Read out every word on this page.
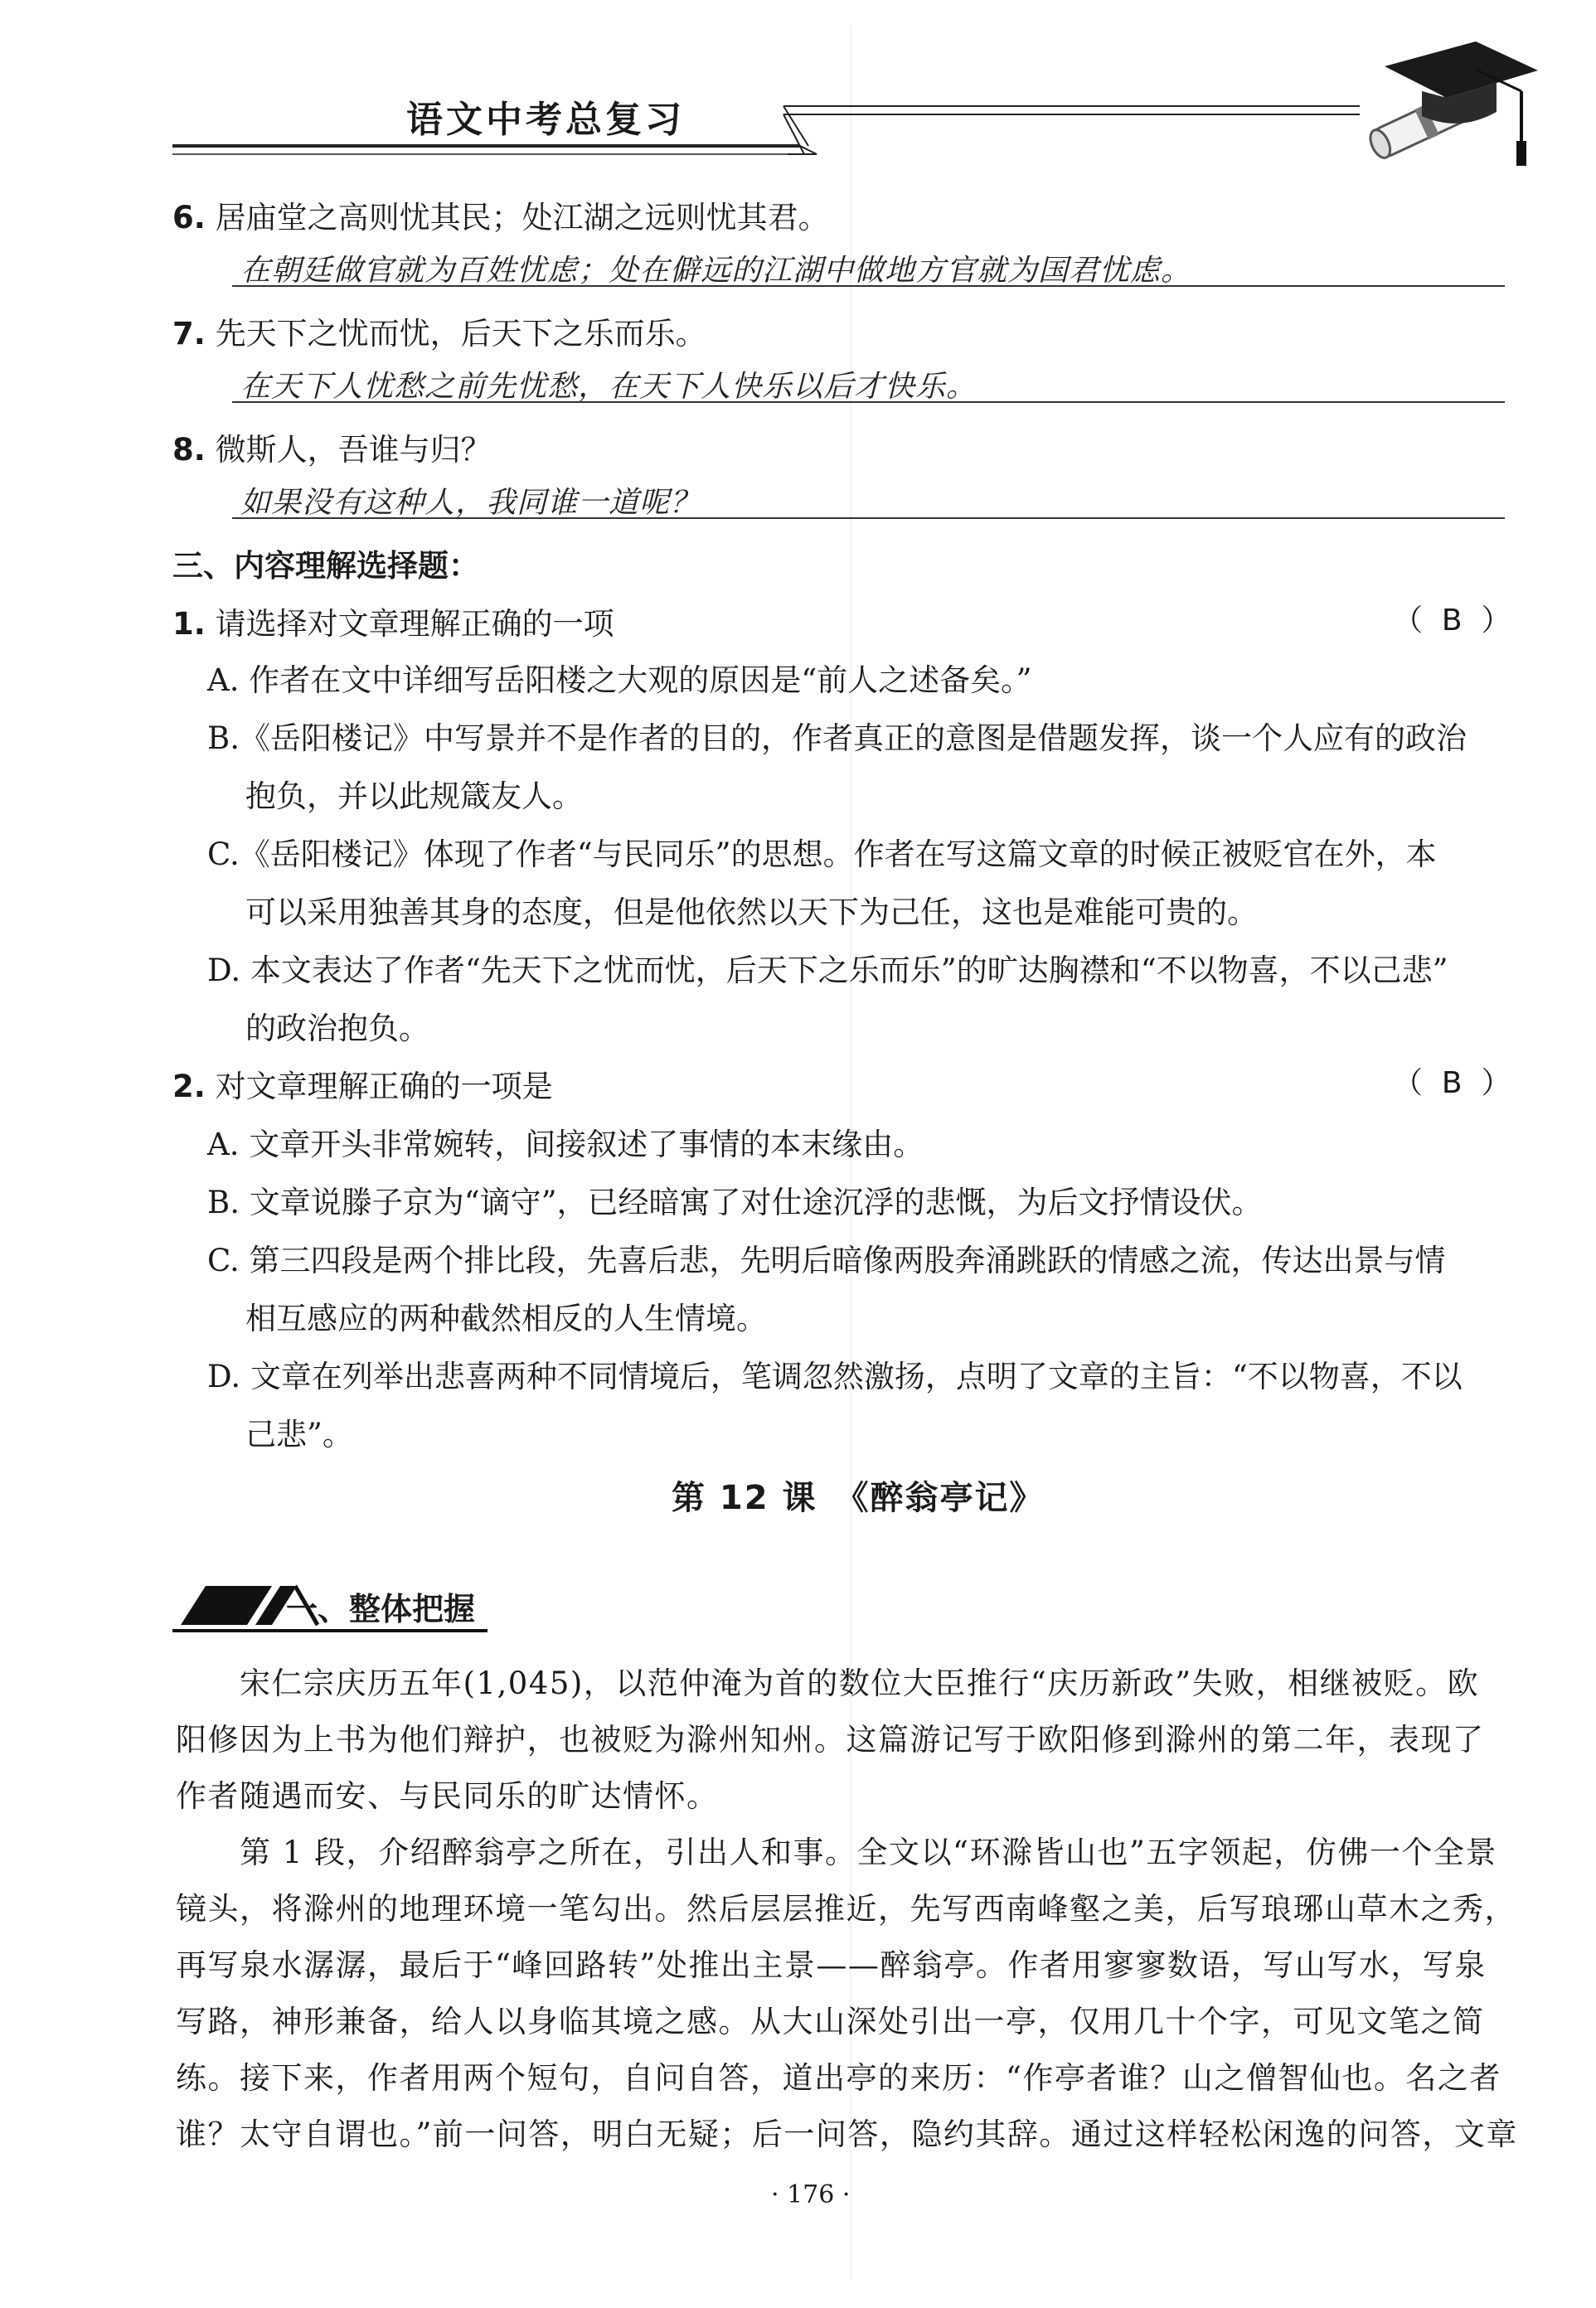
语文中考总复习
6. 居庙堂之高则忧其民；处江湖之远则忧其君。
在朝廷做官就为百姓忧虑；处在僻远的江湖中做地方官就为国君忧虑。
7. 先天下之忧而忧，后天下之乐而乐。
在天下人忧愁之前先忧愁，在天下人快乐以后才快乐。
8. 微斯人，吾谁与归？
如果没有这种人，我同谁一道呢？
三、内容理解选择题：
1. 请选择对文章理解正确的一项	（  B  ）
A. 作者在文中详细写岳阳楼之大观的原因是“前人之述备矣。”
B.《岳阳楼记》中写景并不是作者的目的，作者真正的意图是借题发挥，谈一个人应有的政治
抱负，并以此规箴友人。
C.《岳阳楼记》体现了作者“与民同乐”的思想。作者在写这篇文章的时候正被贬官在外，本
可以采用独善其身的态度，但是他依然以天下为己任，这也是难能可贵的。
D. 本文表达了作者“先天下之忧而忧，后天下之乐而乐”的旷达胸襟和“不以物喜，不以己悲”
的政治抱负。
2. 对文章理解正确的一项是	（  B  ）
A. 文章开头非常婉转，间接叙述了事情的本末缘由。
B. 文章说滕子京为“谪守”，已经暗寓了对仕途沉浮的悲慨，为后文抒情设伏。
C. 第三四段是两个排比段，先喜后悲，先明后暗像两股奔涌跳跃的情感之流，传达出景与情
相互感应的两种截然相反的人生情境。
D. 文章在列举出悲喜两种不同情境后，笔调忽然激扬，点明了文章的主旨：“不以物喜，不以
己悲”。
第 12 课　《醉翁亭记》
一、整体把握
　　宋仁宗庆历五年(1,045)，以范仲淹为首的数位大臣推行“庆历新政”失败，相继被贬。欧
阳修因为上书为他们辩护，也被贬为滁州知州。这篇游记写于欧阳修到滁州的第二年，表现了
作者随遇而安、与民同乐的旷达情怀。
　　第 1 段，介绍醉翁亭之所在，引出人和事。全文以“环滁皆山也”五字领起，仿佛一个全景
镜头，将滁州的地理环境一笔勾出。然后层层推近，先写西南峰壑之美，后写琅琊山草木之秀，
再写泉水潺潺，最后于“峰回路转”处推出主景——醉翁亭。作者用寥寥数语，写山写水，写泉
写路，神形兼备，给人以身临其境之感。从大山深处引出一亭，仅用几十个字，可见文笔之简
练。接下来，作者用两个短句，自问自答，道出亭的来历：“作亭者谁？山之僧智仙也。名之者
谁？太守自谓也。”前一问答，明白无疑；后一问答，隐约其辞。通过这样轻松闲逸的问答，文章
· 176 ·
